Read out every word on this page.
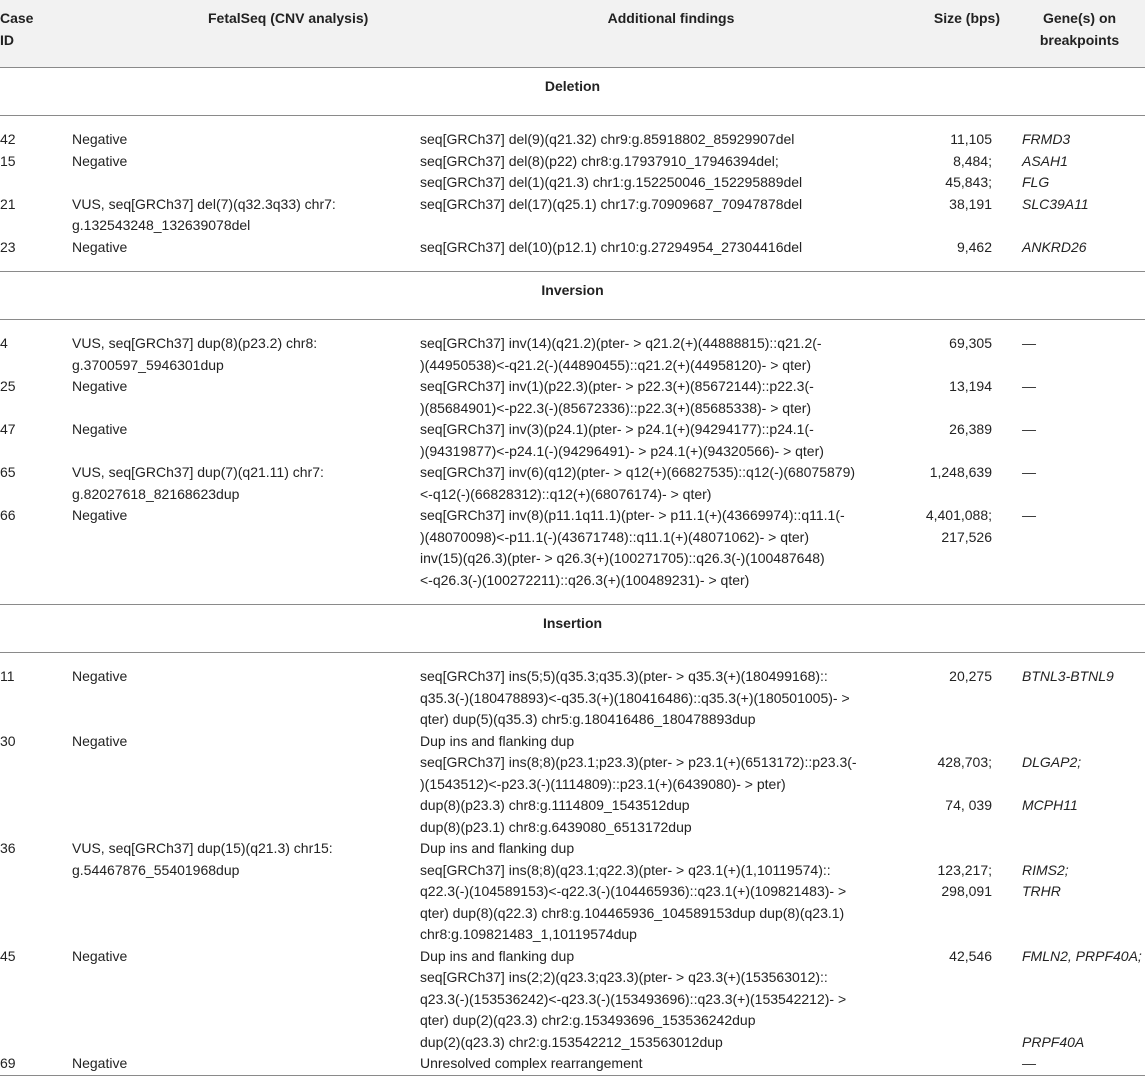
Case
ID	FetalSeq (CNV analysis)	Additional findings	Size (bps)	Gene(s) on
breakpoints

Deletion				

42	Negative	seq[GRCh37] del(9)(q21.32) chr9:g.85918802_85929907del	11,105	FRMD3

15	Negative	seq[GRCh37] del(8)(p22) chr8:g.17937910_17946394del;
seq[GRCh37] del(1)(q21.3) chr1:g.152250046_152295889del	8,484;
45,843;	ASAH1
FLG

21	VUS, seq[GRCh37] del(7)(q32.3q33) chr7:
g.132543248_132639078del	seq[GRCh37] del(17)(q25.1) chr17:g.70909687_70947878del	38,191	SLC39A11

23	Negative	seq[GRCh37] del(10)(p12.1) chr10:g.27294954_27304416del	9,462	ANKRD26

Inversion				

4	VUS, seq[GRCh37] dup(8)(p23.2) chr8:
g.3700597_5946301dup	seq[GRCh37] inv(14)(q21.2)(pter- > q21.2(+)(44888815)::q21.2(-
)(44950538)<-q21.2(-)(44890455)::q21.2(+)(44958120)- > qter)	69,305	—

25	Negative	seq[GRCh37] inv(1)(p22.3)(pter- > p22.3(+)(85672144)::p22.3(-
)(85684901)<-p22.3(-)(85672336)::p22.3(+)(85685338)- > qter)	13,194	—

47	Negative	seq[GRCh37] inv(3)(p24.1)(pter- > p24.1(+)(94294177)::p24.1(-
)(94319877)<-p24.1(-)(94296491)- > p24.1(+)(94320566)- > qter)	26,389	—

65	VUS, seq[GRCh37] dup(7)(q21.11) chr7:
g.82027618_82168623dup	seq[GRCh37] inv(6)(q12)(pter- > q12(+)(66827535)::q12(-)(68075879)
<-q12(-)(66828312)::q12(+)(68076174)- > qter)	1,248,639	—

66	Negative	seq[GRCh37] inv(8)(p11.1q11.1)(pter- > p11.1(+)(43669974)::q11.1(-
)(48070098)<-p11.1(-)(43671748)::q11.1(+)(48071062)- > qter)
inv(15)(q26.3)(pter- > q26.3(+)(100271705)::q26.3(-)(100487648)
<-q26.3(-)(100272211)::q26.3(+)(100489231)- > qter)	4,401,088;
217,526	—

Insertion				

11	Negative	seq[GRCh37] ins(5;5)(q35.3;q35.3)(pter- > q35.3(+)(180499168)::
q35.3(-)(180478893)<-q35.3(+)(180416486)::q35.3(+)(180501005)- >
qter) dup(5)(q35.3) chr5:g.180416486_180478893dup	20,275	BTNL3-BTNL9

30	Negative	Dup ins and flanking dup
seq[GRCh37] ins(8;8)(p23.1;p23.3)(pter- > p23.1(+)(6513172)::p23.3(-
)(1543512)<-p23.3(-)(1114809)::p23.1(+)(6439080)- > pter)
dup(8)(p23.3) chr8:g.1114809_1543512dup
dup(8)(p23.1) chr8:g.6439080_6513172dup	428,703;
74, 039	DLGAP2;
MCPH11

36	VUS, seq[GRCh37] dup(15)(q21.3) chr15:
g.54467876_55401968dup	Dup ins and flanking dup
seq[GRCh37] ins(8;8)(q23.1;q22.3)(pter- > q23.1(+)(1,10119574)::
q22.3(-)(104589153)<-q22.3(-)(104465936)::q23.1(+)(109821483)- >
qter) dup(8)(q22.3) chr8:g.104465936_104589153dup dup(8)(q23.1)
chr8:g.109821483_1,10119574dup	123,217;
298,091	RIMS2;
TRHR

45	Negative	Dup ins and flanking dup
seq[GRCh37] ins(2;2)(q23.3;q23.3)(pter- > q23.3(+)(153563012)::
q23.3(-)(153536242)<-q23.3(-)(153493696)::q23.3(+)(153542212)- >
qter) dup(2)(q23.3) chr2:g.153493696_153536242dup
dup(2)(q23.3) chr2:g.153542212_153563012dup	42,546	FMLN2, PRPF40A;
PRPF40A

69	Negative	Unresolved complex rearrangement		—
